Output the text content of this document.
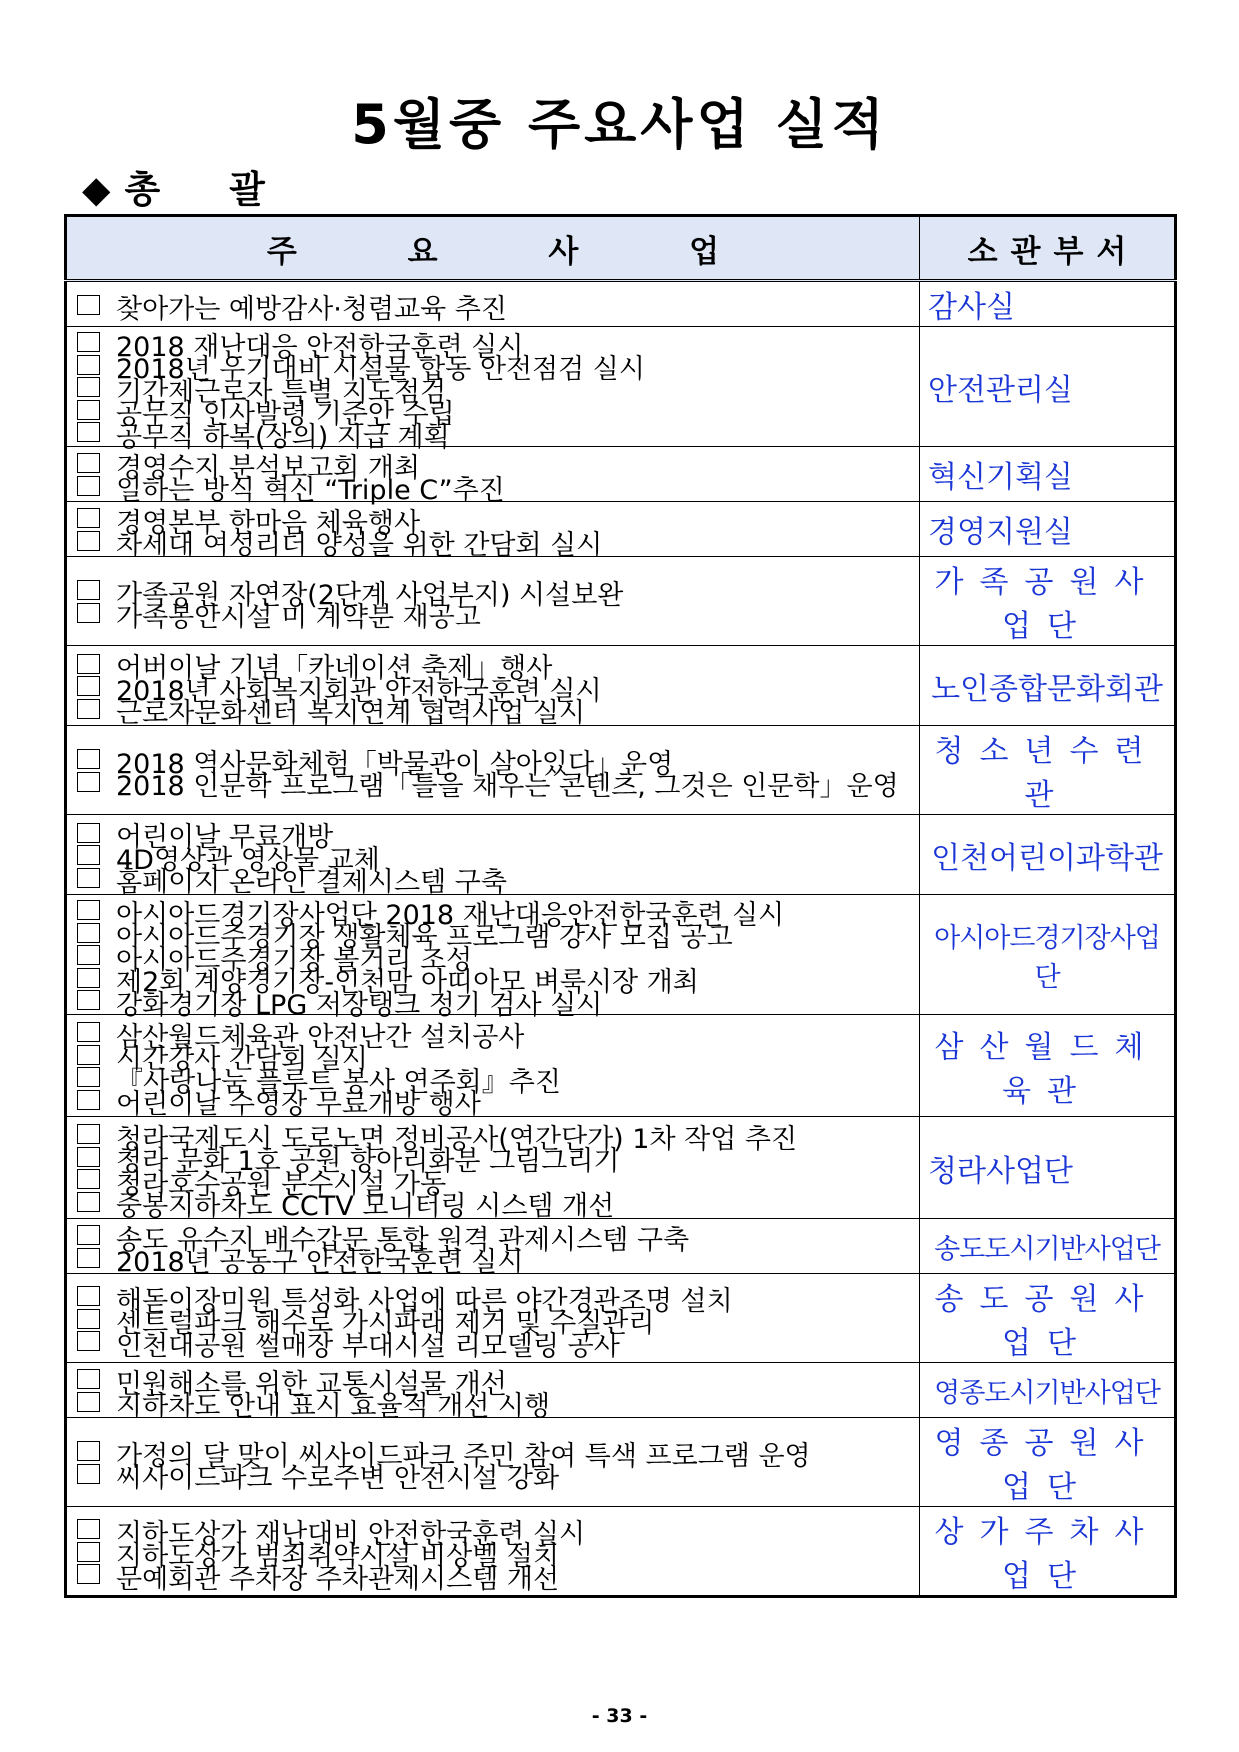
5월중 주요사업 실적
◆ 총 괄
주 요 사 업	소관부서

찾아가는 예방감사·청렴교육 추진	감사실

2018 재난대응 안전한국훈련 실시
2018년 우기대비 시설물 합동 안전점검 실시
기간제근로자 특별 지도점검
공무직 인사발령 기준안 수립
공무직 하복(상의) 지급 계획	안전관리실

경영수지 분석보고회 개최
일하는 방식 혁신 “Triple C”추진	혁신기획실

경영본부 한마음 체육행사
차세대 여성리더 양성을 위한 간담회 실시	경영지원실

가족공원 자연장(2단계 사업부지) 시설보완
가족봉안시설 미 계약분 재공고	가족공원사업단

어버이날 기념「카네이션 축제」행사
2018년 사회복지회관 안전한국훈련 실시
근로자문화센터 복지연계 협력사업 실시	노인종합문화회관

2018 역사문화체험「박물관이 살아있다」운영
2018 인문학 프로그램「틀을 채우는 콘텐츠, 그것은 인문학」운영	청소년수련관

어린이날 무료개방
4D영상관 영상물 교체
홈페이지 온라인 결제시스템 구축	인천어린이과학관

아시아드경기장사업단 2018 재난대응안전한국훈련 실시
아시아드주경기장 생활체육 프로그램 강사 모집 공고
아시아드주경기장 볼거리 조성
제2회 계양경기장-인천맘 아띠아모 벼룩시장 개최
강화경기장 LPG 저장탱크 정기 검사 실시	아시아드경기장사업단

삼산월드체육관 안전난간 설치공사
시간강사 간담회 실시
『사랑나눔 플루트 봉사 연주회』추진
어린이날 수영장 무료개방 행사	삼산월드체육관

청라국제도시 도로노면 정비공사(연간단가) 1차 작업 추진
청라 문화 1호 공원 항아리화분 그림그리기
청라호수공원 분수시설 가동
중봉지하차도 CCTV 모니터링 시스템 개선	청라사업단

송도 유수지 배수갑문 통합 원격 관제시스템 구축
2018년 공동구 안전한국훈련 실시	송도도시기반사업단

해돋이장미원 특성화 사업에 따른 야간경관조명 설치
센트럴파크 해수로 가시파래 제거 및 수질관리
인천대공원 썰매장 부대시설 리모델링 공사	송도공원사업단

민원해소를 위한 교통시설물 개선
지하차도 안내 표시 효율적 개선 시행	영종도시기반사업단

가정의 달 맞이 씨사이드파크 주민 참여 특색 프로그램 운영
씨사이드파크 수로주변 안전시설 강화	영종공원사업단

지하도상가 재난대비 안전한국훈련 실시
지하도상가 범죄취약시설 비상벨 설치
문예회관 주차장 주차관제시스템 개선	상가주차사업단
- 33 -
